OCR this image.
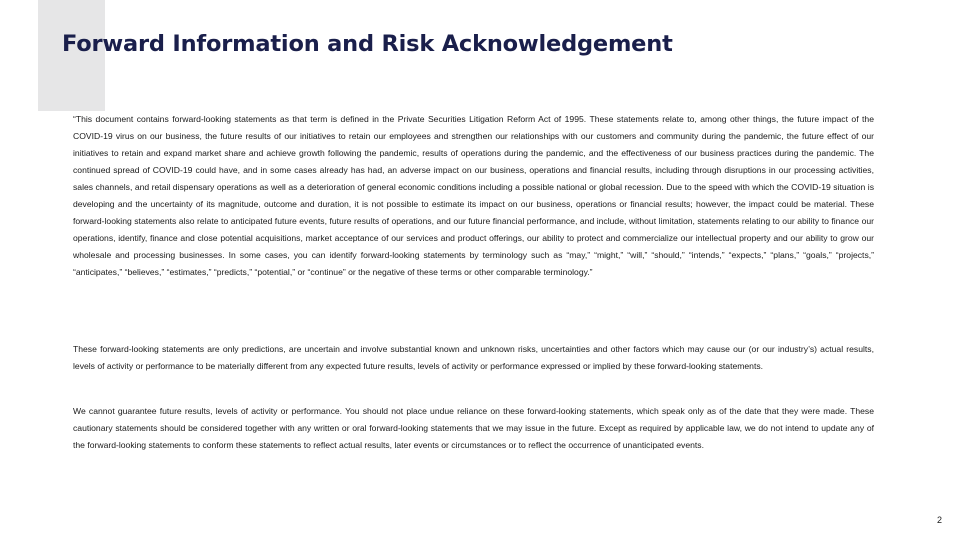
Forward Information and Risk Acknowledgement

“This document contains forward-looking statements as that term is defined in the Private Securities Litigation Reform Act of 1995. These statements relate to, among other things, the future impact of the COVID-19 virus on our business, the future results of our initiatives to retain our employees and strengthen our relationships with our customers and community during the pandemic, the future effect of our initiatives to retain and expand market share and achieve growth following the pandemic, results of operations during the pandemic, and the effectiveness of our business practices during the pandemic. The continued spread of COVID-19 could have, and in some cases already has had, an adverse impact on our business, operations and financial results, including through disruptions in our processing activities, sales channels, and retail dispensary operations as well as a deterioration of general economic conditions including a possible national or global recession. Due to the speed with which the COVID-19 situation is developing and the uncertainty of its magnitude, outcome and duration, it is not possible to estimate its impact on our business, operations or financial results; however, the impact could be material. These forward-looking statements also relate to anticipated future events, future results of operations, and our future financial performance, and include, without limitation, statements relating to our ability to finance our operations, identify, finance and close potential acquisitions, market acceptance of our services and product offerings, our ability to protect and commercialize our intellectual property and our ability to grow our wholesale and processing businesses. In some cases, you can identify forward-looking statements by terminology such as “may,” “might,” “will,” “should,” “intends,” “expects,” “plans,” “goals,” “projects,” “anticipates,” “believes,” “estimates,” “predicts,” “potential,” or “continue” or the negative of these terms or other comparable terminology.”

These forward-looking statements are only predictions, are uncertain and involve substantial known and unknown risks, uncertainties and other factors which may cause our (or our industry’s) actual results, levels of activity or performance to be materially different from any expected future results, levels of activity or performance expressed or implied by these forward-looking statements.

We cannot guarantee future results, levels of activity or performance. You should not place undue reliance on these forward-looking statements, which speak only as of the date that they were made. These cautionary statements should be considered together with any written or oral forward-looking statements that we may issue in the future. Except as required by applicable law, we do not intend to update any of the forward-looking statements to conform these statements to reflect actual results, later events or circumstances or to reflect the occurrence of unanticipated events.

2
